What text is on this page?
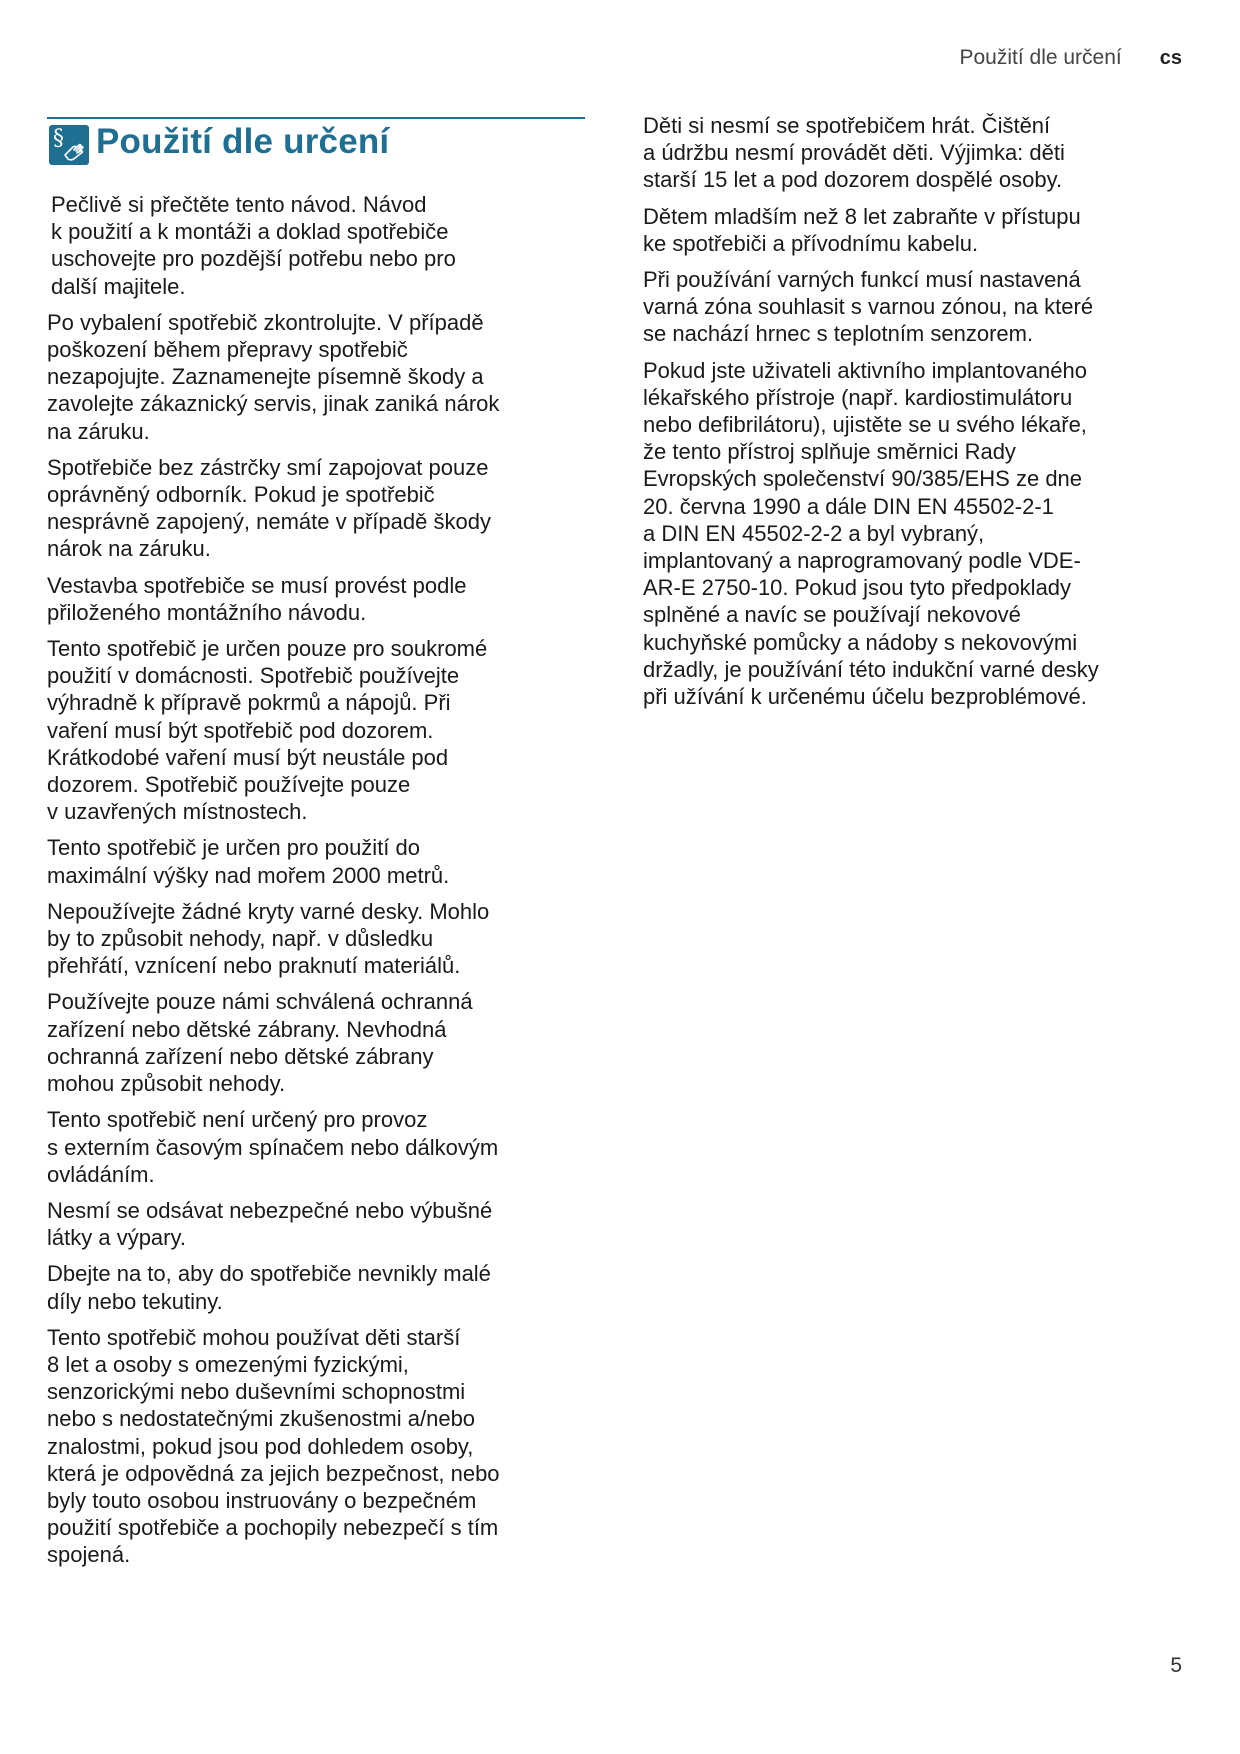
Použití dle určení cs
§ Použití dle určení

Pečlivě si přečtěte tento návod. Návod
k použití a k montáži a doklad spotřebiče
uschovejte pro pozdější potřebu nebo pro
další majitele.

Po vybalení spotřebič zkontrolujte. V případě
poškození během přepravy spotřebič
nezapojujte. Zaznamenejte písemně škody a
zavolejte zákaznický servis, jinak zaniká nárok
na záruku.

Spotřebiče bez zástrčky smí zapojovat pouze
oprávněný odborník. Pokud je spotřebič
nesprávně zapojený, nemáte v případě škody
nárok na záruku.

Vestavba spotřebiče se musí provést podle
přiloženého montážního návodu.

Tento spotřebič je určen pouze pro soukromé
použití v domácnosti. Spotřebič používejte
výhradně k přípravě pokrmů a nápojů. Při
vaření musí být spotřebič pod dozorem.
Krátkodobé vaření musí být neustále pod
dozorem. Spotřebič používejte pouze
v uzavřených místnostech.

Tento spotřebič je určen pro použití do
maximální výšky nad mořem 2000 metrů.

Nepoužívejte žádné kryty varné desky. Mohlo
by to způsobit nehody, např. v důsledku
přehřátí, vznícení nebo praknutí materiálů.

Používejte pouze námi schválená ochranná
zařízení nebo dětské zábrany. Nevhodná
ochranná zařízení nebo dětské zábrany
mohou způsobit nehody.

Tento spotřebič není určený pro provoz
s externím časovým spínačem nebo dálkovým
ovládáním.

Nesmí se odsávat nebezpečné nebo výbušné
látky a výpary.

Dbejte na to, aby do spotřebiče nevnikly malé
díly nebo tekutiny.

Tento spotřebič mohou používat děti starší
8 let a osoby s omezenými fyzickými,
senzorickými nebo duševními schopnostmi
nebo s nedostatečnými zkušenostmi a/nebo
znalostmi, pokud jsou pod dohledem osoby,
která je odpovědná za jejich bezpečnost, nebo
byly touto osobou instruovány o bezpečném
použití spotřebiče a pochopily nebezpečí s tím
spojená.

Děti si nesmí se spotřebičem hrát. Čištění
a údržbu nesmí provádět děti. Výjimka: děti
starší 15 let a pod dozorem dospělé osoby.

Dětem mladším než 8 let zabraňte v přístupu
ke spotřebiči a přívodnímu kabelu.

Při používání varných funkcí musí nastavená
varná zóna souhlasit s varnou zónou, na které
se nachází hrnec s teplotním senzorem.

Pokud jste uživateli aktivního implantovaného
lékařského přístroje (např. kardiostimulátoru
nebo defibrilátoru), ujistěte se u svého lékaře,
že tento přístroj splňuje směrnici Rady
Evropských společenství 90/385/EHS ze dne
20. června 1990 a dále DIN EN 45502-2-1
a DIN EN 45502-2-2 a byl vybraný,
implantovaný a naprogramovaný podle VDE-
AR-E 2750-10. Pokud jsou tyto předpoklady
splněné a navíc se používají nekovové
kuchyňské pomůcky a nádoby s nekovovými
držadly, je používání této indukční varné desky
při užívání k určenému účelu bezproblémové.

5
